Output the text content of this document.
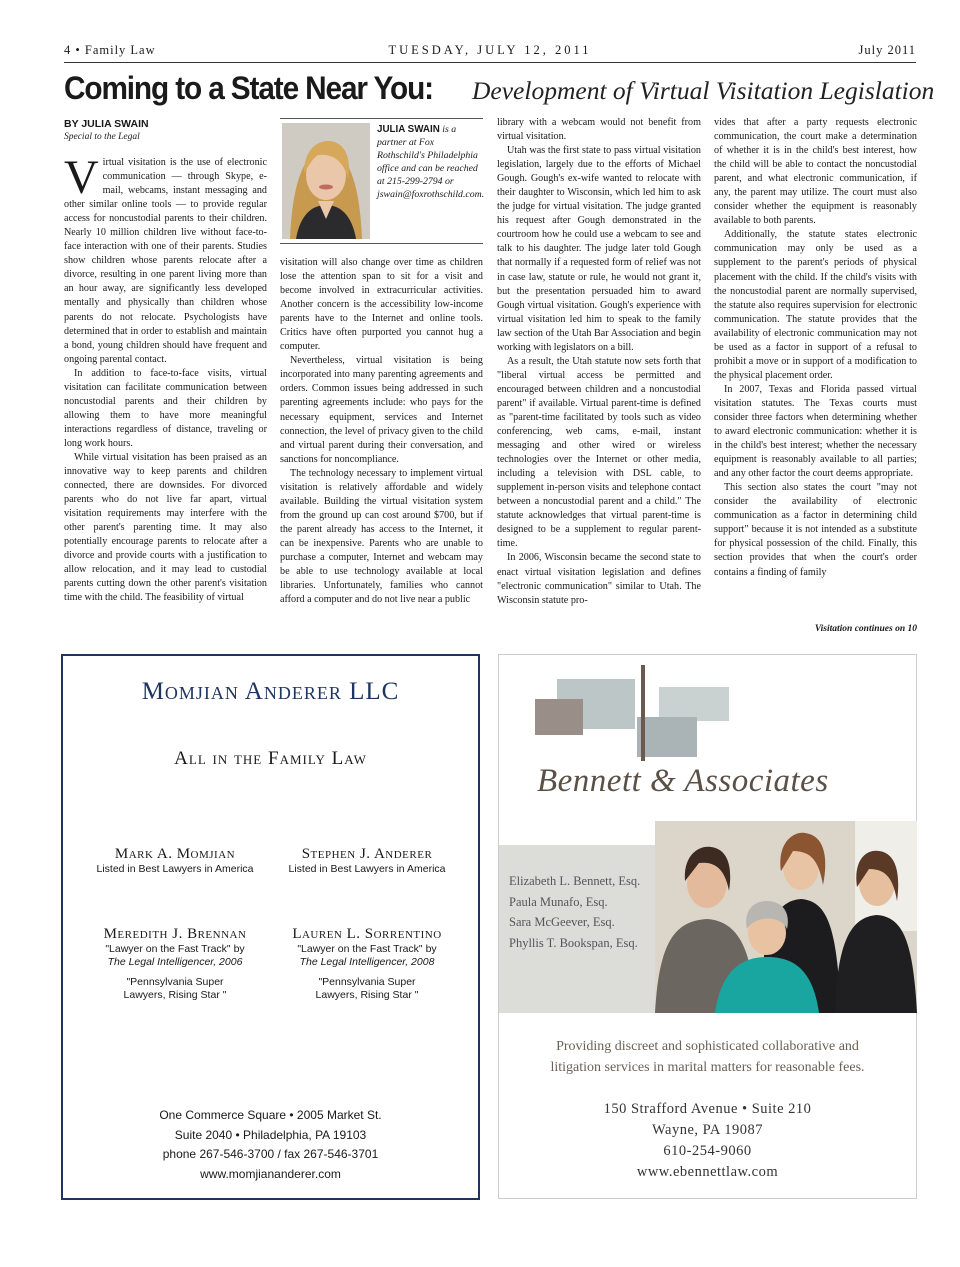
4 • Family Law	TUESDAY, JULY 12, 2011	July 2011
Coming to a State Near You: Development of Virtual Visitation Legislation
BY JULIA SWAIN
Special to the Legal

Virtual visitation is the use of electronic communication — through Skype, e-mail, webcams, instant messaging and other similar online tools — to provide regular access for noncustodial parents to their children. Nearly 10 million children live without face-to-face interaction with one of their parents. Studies show children whose parents relocate after a divorce, resulting in one parent living more than an hour away, are significantly less developed mentally and physically than children whose parents do not relocate. Psychologists have determined that in order to establish and maintain a bond, young children should have frequent and ongoing parental contact.

In addition to face-to-face visits, virtual visitation can facilitate communication between noncustodial parents and their children by allowing them to have more meaningful interactions regardless of distance, traveling or long work hours.

While virtual visitation has been praised as an innovative way to keep parents and children connected, there are downsides. For divorced parents who do not live far apart, virtual visitation requirements may interfere with the other parent's parenting time. It may also potentially encourage parents to relocate after a divorce and provide courts with a justification to allow relocation, and it may lead to custodial parents cutting down the other parent's visitation time with the child. The feasibility of virtual

JULIA SWAIN is a partner at Fox Rothschild's Philadelphia office and can be reached at 215-299-2794 or jswain@foxrothschild.com.

visitation will also change over time as children lose the attention span to sit for a visit and become involved in extracurricular activities. Another concern is the accessibility low-income parents have to the Internet and online tools. Critics have often purported you cannot hug a computer.

Nevertheless, virtual visitation is being incorporated into many parenting agreements and orders. Common issues being addressed in such parenting agreements include: who pays for the necessary equipment, services and Internet connection, the level of privacy given to the child and virtual parent during their conversation, and sanctions for noncompliance.

The technology necessary to implement virtual visitation is relatively affordable and widely available. Building the virtual visitation system from the ground up can cost around $700, but if the parent already has access to the Internet, it can be inexpensive. Parents who are unable to purchase a computer, Internet and webcam may be able to use technology available at local libraries. Unfortunately, families who cannot afford a computer and do not live near a public

library with a webcam would not benefit from virtual visitation.

Utah was the first state to pass virtual visitation legislation, largely due to the efforts of Michael Gough. Gough's ex-wife wanted to relocate with their daughter to Wisconsin, which led him to ask the judge for virtual visitation. The judge granted his request after Gough demonstrated in the courtroom how he could use a webcam to see and talk to his daughter. The judge later told Gough that normally if a requested form of relief was not in case law, statute or rule, he would not grant it, but the presentation persuaded him to award Gough virtual visitation. Gough's experience with virtual visitation led him to speak to the family law section of the Utah Bar Association and begin working with legislators on a bill.

As a result, the Utah statute now sets forth that "liberal virtual access be permitted and encouraged between children and a noncustodial parent" if available. Virtual parent-time is defined as "parent-time facilitated by tools such as video conferencing, web cams, e-mail, instant messaging and other wired or wireless technologies over the Internet or other media, including a television with DSL cable, to supplement in-person visits and telephone contact between a noncustodial parent and a child." The statute acknowledges that virtual parent-time is designed to be a supplement to regular parent-time.

In 2006, Wisconsin became the second state to enact virtual visitation legislation and defines "electronic communication" similar to Utah. The Wisconsin statute pro-

vides that after a party requests electronic communication, the court make a determination of whether it is in the child's best interest, how the child will be able to contact the noncustodial parent, and what electronic communication, if any, the parent may utilize. The court must also consider whether the equipment is reasonably available to both parents.

Additionally, the statute states electronic communication may only be used as a supplement to the parent's periods of physical placement with the child. If the child's visits with the noncustodial parent are normally supervised, the statute also requires supervision for electronic communication. The statute provides that the availability of electronic communication may not be used as a factor in support of a refusal to prohibit a move or in support of a modification to the physical placement order.

In 2007, Texas and Florida passed virtual visitation statutes. The Texas courts must consider three factors when determining whether to award electronic communication: whether it is in the child's best interest; whether the necessary equipment is reasonably available to all parties; and any other factor the court deems appropriate.

This section also states the court "may not consider the availability of electronic communication as a factor in determining child support" because it is not intended as a substitute for physical possession of the child. Finally, this section provides that when the court's order contains a finding of family

Visitation continues on 10
Momjian Anderer LLC
All in the Family Law
Mark A. Momjian
Listed in Best Lawyers in America
Stephen J. Anderer
Listed in Best Lawyers in America
Meredith J. Brennan
"Lawyer on the Fast Track" by
The Legal Intelligencer, 2006
"Pennsylvania Super Lawyers, Rising Star "
Lauren L. Sorrentino
"Lawyer on the Fast Track" by
The Legal Intelligencer, 2008
"Pennsylvania Super Lawyers, Rising Star "
One Commerce Square • 2005 Market St.
Suite 2040 • Philadelphia, PA 19103
phone 267-546-3700 / fax 267-546-3701
www.momjiananderer.com
Bennett & Associates
Elizabeth L. Bennett, Esq.
Paula Munafo, Esq.
Sara McGeever, Esq.
Phyllis T. Bookspan, Esq.
Providing discreet and sophisticated collaborative and
litigation services in marital matters for reasonable fees.
150 Strafford Avenue • Suite 210
Wayne, PA 19087
610-254-9060
www.ebennettlaw.com
